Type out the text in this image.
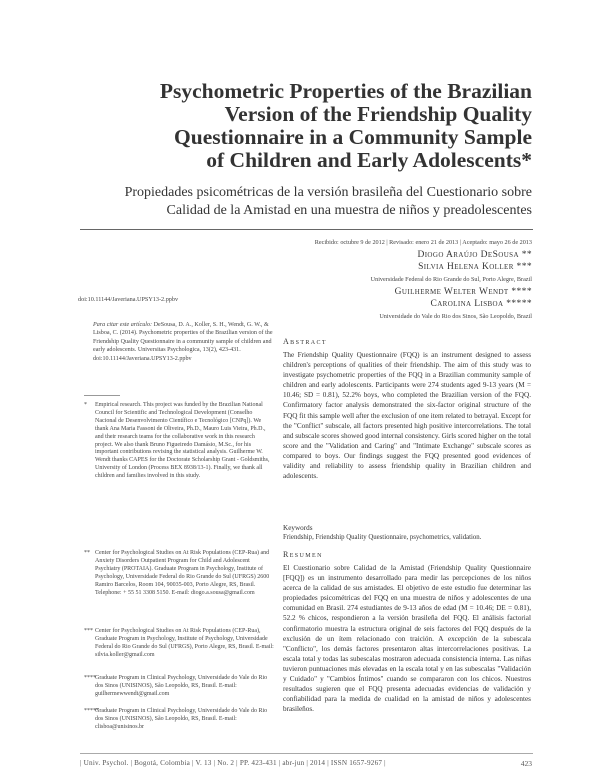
Psychometric Properties of the Brazilian
Version of the Friendship Quality
Questionnaire in a Community Sample
of Children and Early Adolescents*
Propiedades psicométricas de la versión brasileña del Cuestionario sobre
Calidad de la Amistad en una muestra de niños y preadolescentes
Recibido: octubre 9 de 2012 | Revisado: enero 21 de 2013 | Aceptado: mayo 26 de 2013
Diogo Araújo DeSousa **
Silvia Helena Koller ***
Universidade Federal do Rio Grande do Sul, Porto Alegre, Brazil
Guilherme Welter Wendt ****
Carolina Lisboa *****
Universidade do Vale do Rio dos Sinos, São Leopoldo, Brazil
doi:10.11144/Javeriana.UPSY13-2.ppbv
Para citar este artículo: DeSousa, D. A., Koller, S. H., Wendt, G. W., & Lisboa, C. (2014). Psychometric properties of the Brazilian version of the Friendship Quality Questionnaire in a community sample of children and early adolescents. Universitas Psychologica, 13(2), 423-431. doi:10.11144/Javeriana.UPSY13-2.ppbv
*	Empirical research. This project was funded by the Brazilian National Council for Scientific and Technological Development (Conselho Nacional de Desenvolvimento Científico e Tecnológico [CNPq]). We thank Ana Maria Fassoni de Oliveira, Ph.D., Mauro Luis Vieira, Ph.D., and their research teams for the collaborative work in this research project. We also thank Bruno Figueiredo Damásio, M.Sc., for his important contributions revising the statistical analysis. Guilherme W. Wendt thanks CAPES for the Doctorate Scholarship Grant - Goldsmiths, University of London (Process BEX 8938/13-1). Finally, we thank all children and families involved in this study.
** Center for Psychological Studies on At Risk Populations (CEP-Rua) and Anxiety Disorders Outpatient Program for Child and Adolescent Psychiatry (PROTAIA). Graduate Program in Psychology, Institute of Psychology, Universidade Federal do Rio Grande do Sul (UFRGS) 2600 Ramiro Barcelos, Room 104, 90035-003, Porto Alegre, RS, Brasil. Telephone: + 55 51 3308 5150. E-mail: diogo.a.sousa@gmail.com
*** Center for Psychological Studies on At Risk Populations (CEP-Rua), Graduate Program in Psychology, Institute of Psychology, Universidade Federal do Rio Grande do Sul (UFRGS), Porto Alegre, RS, Brasil. E-mail: silvia.koller@gmail.com
**** Graduate Program in Clinical Psychology, Universidade do Vale do Rio dos Sinos (UNISINOS), São Leopoldo, RS, Brasil. E-mail: guilhermewwendt@gmail.com
*****
Graduate Program in Clinical Psychology, Universidade do Vale do Rio dos Sinos (UNISINOS), São Leopoldo, RS, Brasil. E-mail: clisboa@unisinos.br
Abstract
The Friendship Quality Questionnaire (FQQ) is an instrument designed to assess children's perceptions of qualities of their friendship. The aim of this study was to investigate psychometric properties of the FQQ in a Brazilian community sample of children and early adolescents. Participants were 274 students aged 9-13 years (M = 10.46; SD = 0.81), 52.2% boys, who completed the Brazilian version of the FQQ. Confirmatory factor analysis demonstrated the six-factor original structure of the FQQ fit this sample well after the exclusion of one item related to betrayal. Except for the "Conflict" subscale, all factors presented high positive intercorrelations. The total and subscale scores showed good internal consistency. Girls scored higher on the total score and the "Validation and Caring" and "Intimate Exchange" subscale scores as compared to boys. Our findings suggest the FQQ presented good evidences of validity and reliability to assess friendship quality in Brazilian children and adolescents.
Keywords
Friendship, Friendship Quality Questionnaire, psychometrics, validation.
Resumen
El Cuestionario sobre Calidad de la Amistad (Friendship Quality Questionnaire [FQQ]) es un instrumento desarrollado para medir las percepciones de los niños acerca de la calidad de sus amistades. El objetivo de este estudio fue determinar las propiedades psicométricas del FQQ en una muestra de niños y adolescentes de una comunidad en Brasil. 274 estudiantes de 9-13 años de edad (M = 10.46; DE = 0.81), 52.2 % chicos, respondieron a la versión brasileña del FQQ. El análisis factorial confirmatorio muestra la estructura original de seis factores del FQQ después de la exclusión de un ítem relacionado con traición. A excepción de la subescala "Conflicto", los demás factores presentaron altas intercorrelaciones positivas. La escala total y todas las subescalas mostraron adecuada consistencia interna. Las niñas tuvieron puntuaciones más elevadas en la escala total y en las subescalas "Validación y Cuidado" y "Cambios Íntimos" cuando se compararon con los chicos. Nuestros resultados sugieren que el FQQ presenta adecuadas evidencias de validación y confiabilidad para la medida de cualidad en la amistad de niños y adolescentes brasileños.
| Univ. Psychol. | Bogotá, Colombia | V. 13 | No. 2 | PP. 423-431 | abr-jun | 2014 | ISSN 1657-9267 |	423
